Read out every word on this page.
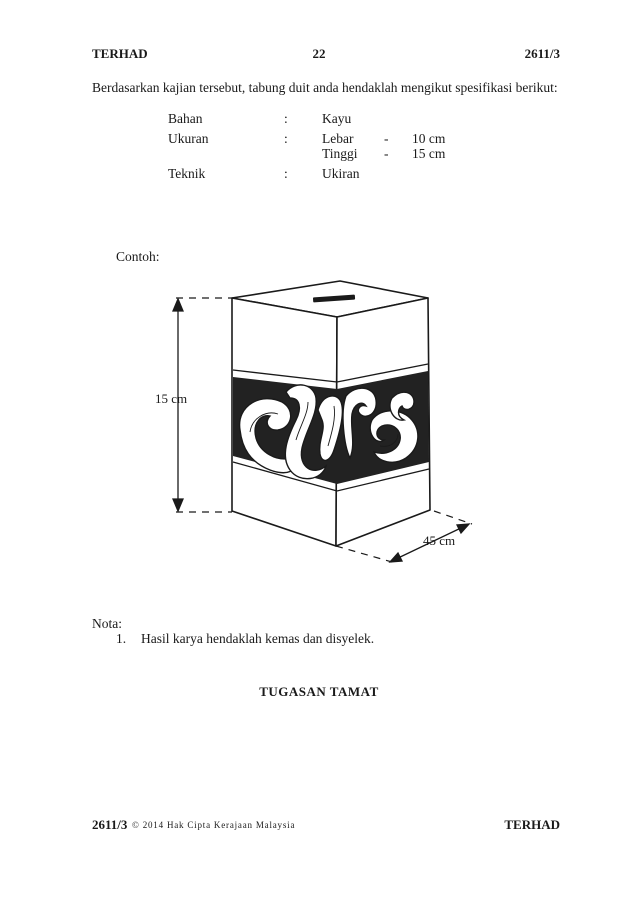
TERHAD	22	2611/3
Berdasarkan kajian tersebut, tabung duit anda hendaklah mengikut spesifikasi berikut:
Bahan	:	Kayu
Ukuran	:	Lebar - 10 cm
Tinggi - 15 cm
Teknik	:	Ukiran
Contoh:
15 cm
45 cm
Nota:
1. Hasil karya hendaklah kemas dan disyelek.
TUGASAN TAMAT
2611/3 © 2014 Hak Cipta Kerajaan Malaysia	TERHAD
